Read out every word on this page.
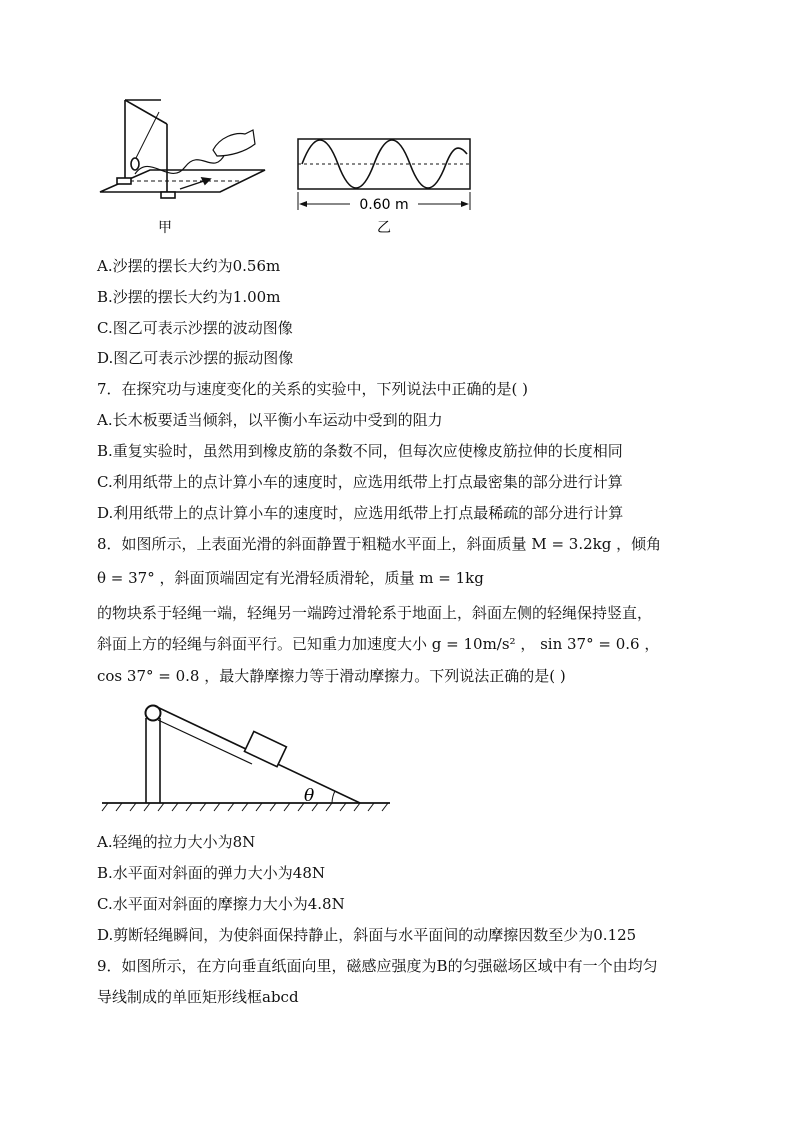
甲
0.60 m
乙
A.沙摆的摆长大约为0.56m
B.沙摆的摆长大约为1.00m
C.图乙可表示沙摆的波动图像
D.图乙可表示沙摆的振动图像
7．在探究功与速度变化的关系的实验中，下列说法中正确的是( )
A.长木板要适当倾斜，以平衡小车运动中受到的阻力
B.重复实验时，虽然用到橡皮筋的条数不同，但每次应使橡皮筋拉伸的长度相同
C.利用纸带上的点计算小车的速度时，应选用纸带上打点最密集的部分进行计算
D.利用纸带上的点计算小车的速度时，应选用纸带上打点最稀疏的部分进行计算
8．如图所示，上表面光滑的斜面静置于粗糙水平面上，斜面质量 M = 3.2kg ，倾角
θ = 37° ，斜面顶端固定有光滑轻质滑轮，质量 m = 1kg
的物块系于轻绳一端，轻绳另一端跨过滑轮系于地面上，斜面左侧的轻绳保持竖直，
斜面上方的轻绳与斜面平行。已知重力加速度大小 g = 10m/s² ， sin 37° = 0.6 ，
cos 37° = 0.8 ，最大静摩擦力等于滑动摩擦力。下列说法正确的是( )
θ
A.轻绳的拉力大小为8N
B.水平面对斜面的弹力大小为48N
C.水平面对斜面的摩擦力大小为4.8N
D.剪断轻绳瞬间，为使斜面保持静止，斜面与水平面间的动摩擦因数至少为0.125
9．如图所示，在方向垂直纸面向里，磁感应强度为B的匀强磁场区域中有一个由均匀
导线制成的单匝矩形线框abcd
